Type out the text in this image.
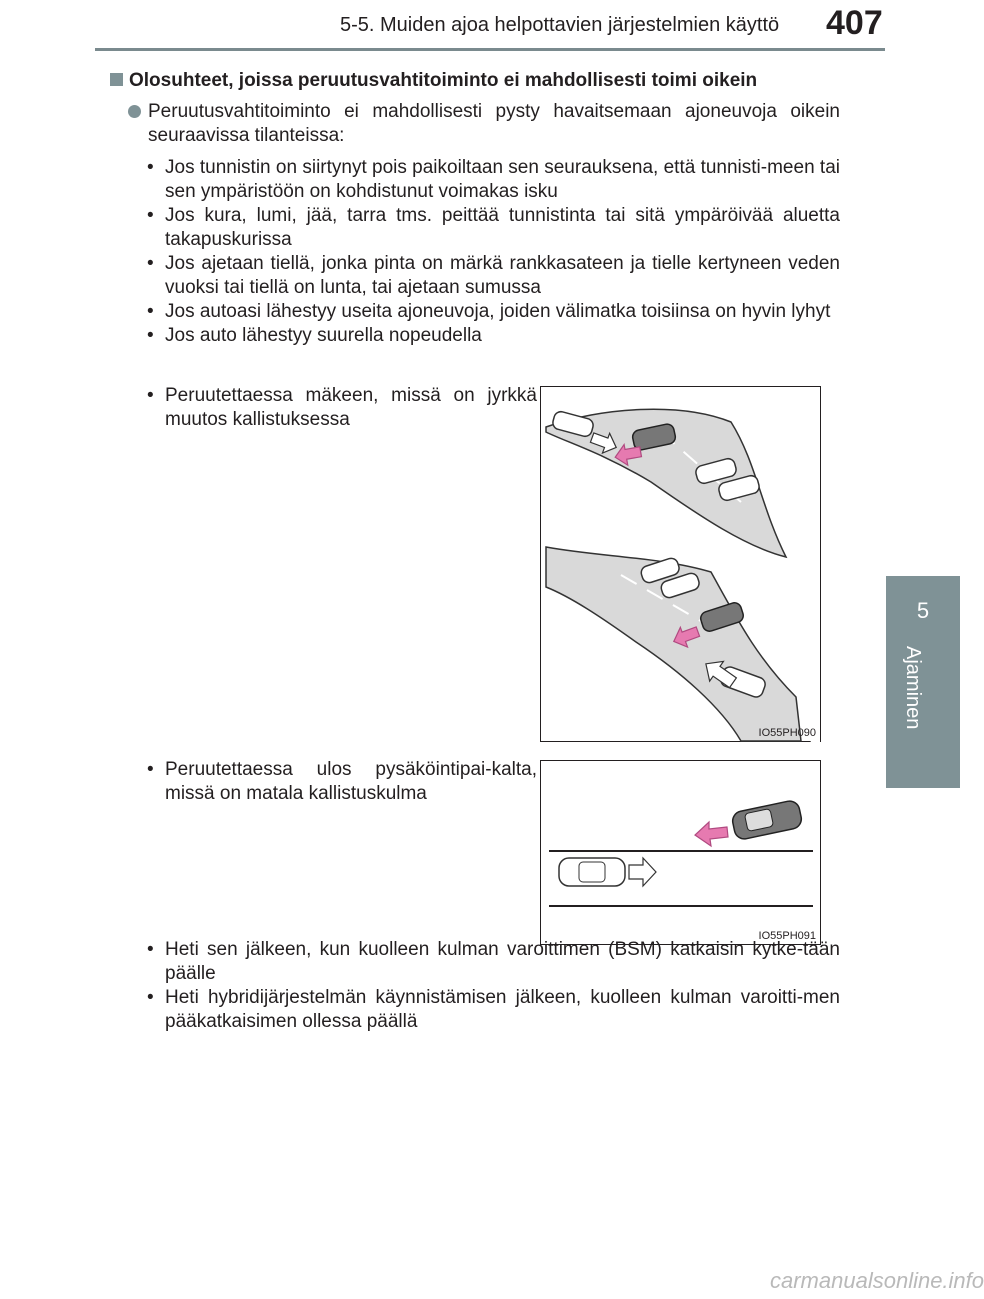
5-5. Muiden ajoa helpottavien järjestelmien käyttö 407
5
Ajaminen
Olosuhteet, joissa peruutusvahtitoiminto ei mahdollisesti toimi oikein
Peruutusvahtitoiminto ei mahdollisesti pysty havaitsemaan ajoneuvoja oikein seuraavissa tilanteissa:
• Jos tunnistin on siirtynyt pois paikoiltaan sen seurauksena, että tunnisti-meen tai sen ympäristöön on kohdistunut voimakas isku
• Jos kura, lumi, jää, tarra tms. peittää tunnistinta tai sitä ympäröivää aluetta takapuskurissa
• Jos ajetaan tiellä, jonka pinta on märkä rankkasateen ja tielle kertyneen veden vuoksi tai tiellä on lunta, tai ajetaan sumussa
• Jos autoasi lähestyy useita ajoneuvoja, joiden välimatka toisiinsa on hyvin lyhyt
• Jos auto lähestyy suurella nopeudella
• Peruutettaessa mäkeen, missä on jyrkkä muutos kallistuksessa
IO55PH090
• Peruutettaessa ulos pysäköintipai-kalta, missä on matala kallistuskulma
IO55PH091
• Heti sen jälkeen, kun kuolleen kulman varoittimen (BSM) katkaisin kytke-tään päälle
• Heti hybridijärjestelmän käynnistämisen jälkeen, kuolleen kulman varoitti-men pääkatkaisimen ollessa päällä
carmanualsonline.info
